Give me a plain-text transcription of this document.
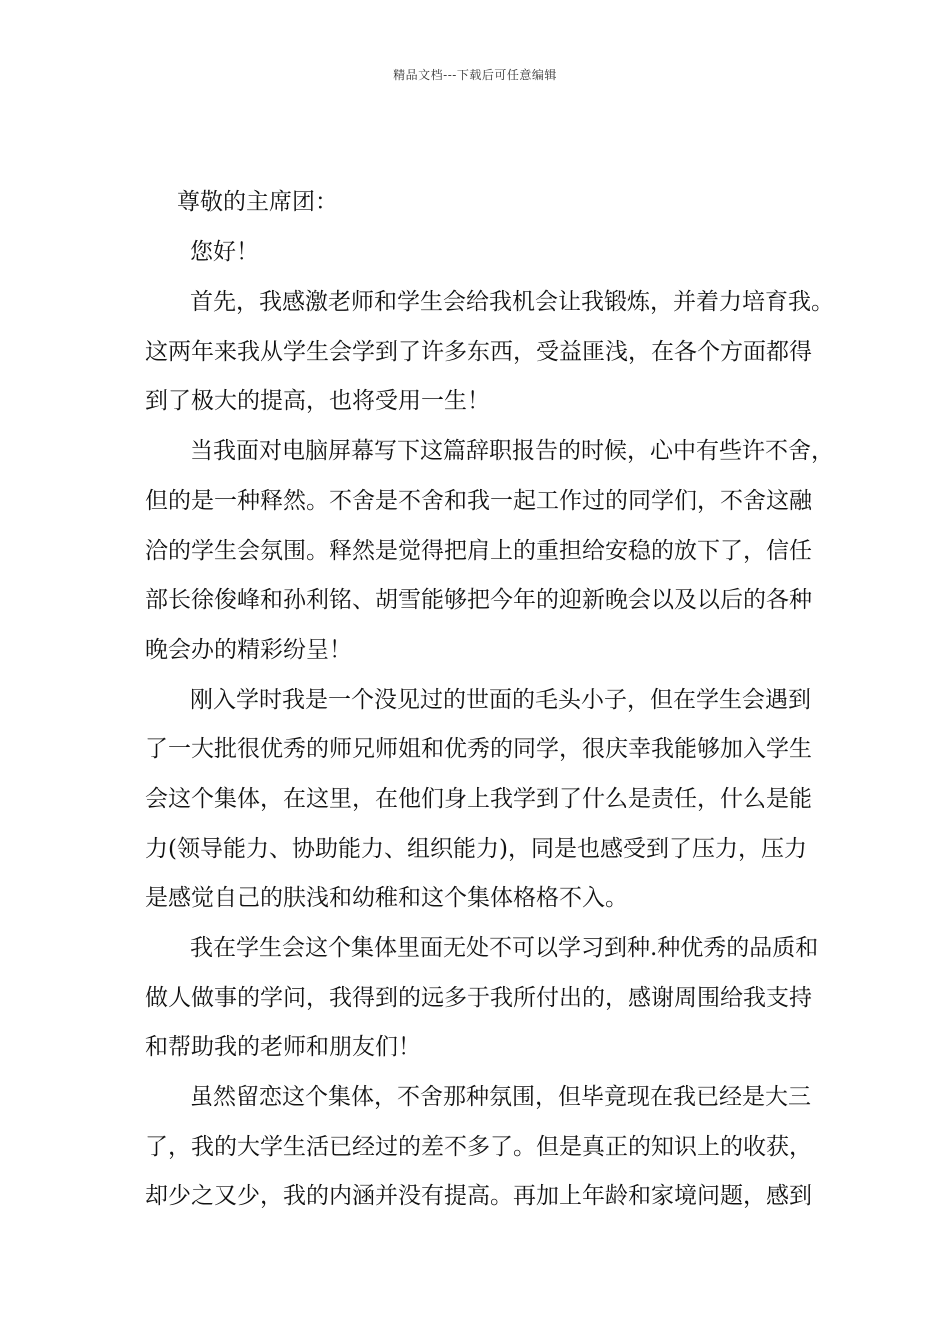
精品文档---下载后可任意编辑
尊敬的主席团：
您好！
首先，我感激老师和学生会给我机会让我锻炼，并着力培育我。
这两年来我从学生会学到了许多东西，受益匪浅，在各个方面都得
到了极大的提高，也将受用一生！
当我面对电脑屏幕写下这篇辞职报告的时候，心中有些许不舍，
但的是一种释然。不舍是不舍和我一起工作过的同学们，不舍这融
洽的学生会氛围。释然是觉得把肩上的重担给安稳的放下了，信任
部长徐俊峰和孙利铭、胡雪能够把今年的迎新晚会以及以后的各种
晚会办的精彩纷呈！
刚入学时我是一个没见过的世面的毛头小子，但在学生会遇到
了一大批很优秀的师兄师姐和优秀的同学，很庆幸我能够加入学生
会这个集体，在这里，在他们身上我学到了什么是责任，什么是能
力(领导能力、协助能力、组织能力)，同是也感受到了压力，压力
是感觉自己的肤浅和幼稚和这个集体格格不入。
我在学生会这个集体里面无处不可以学习到种.种优秀的品质和
做人做事的学问，我得到的远多于我所付出的，感谢周围给我支持
和帮助我的老师和朋友们！
虽然留恋这个集体，不舍那种氛围，但毕竟现在我已经是大三
了，我的大学生活已经过的差不多了。但是真正的知识上的收获，
却少之又少，我的内涵并没有提高。再加上年龄和家境问题，感到
